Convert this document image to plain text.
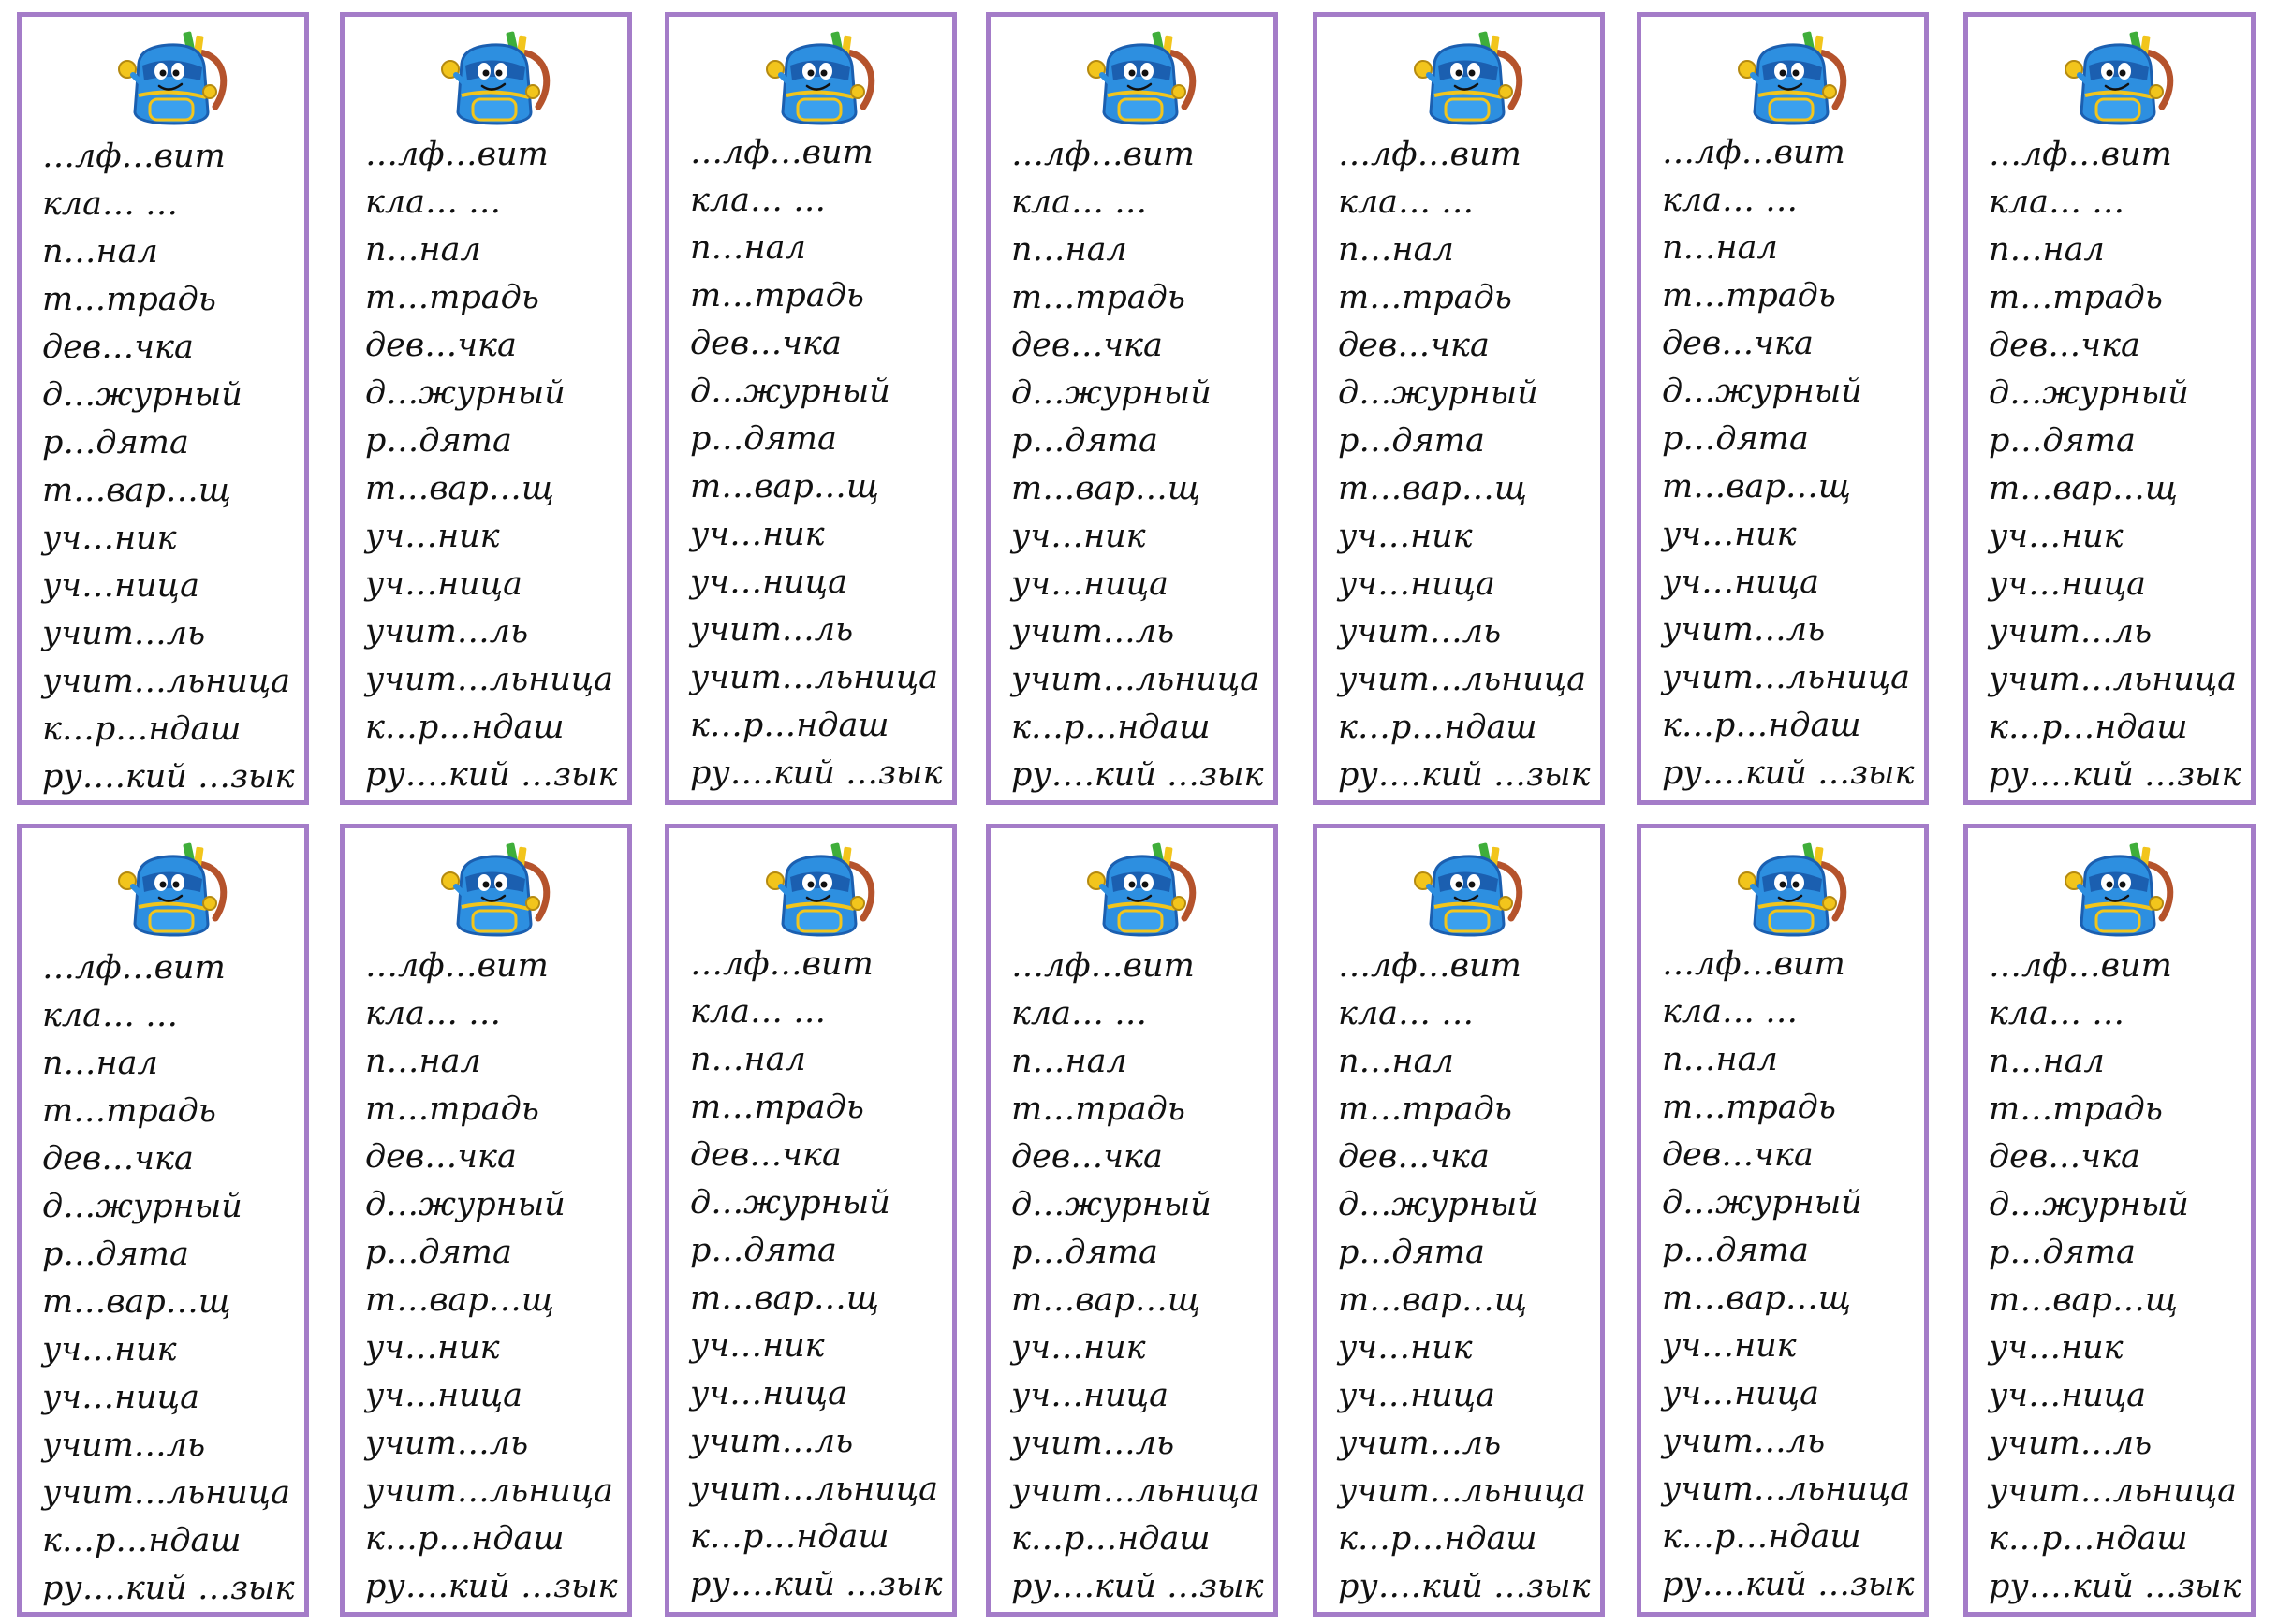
…лф…вит
кла… …
п…нал
т…традь
дев…чка
д…журный
р…дята
т…вар…щ
уч…ник
уч…ница
учит…ль
учит…льница
к…р…ндаш
ру….кий …зык
…лф…вит
кла… …
п…нал
т…традь
дев…чка
д…журный
р…дята
т…вар…щ
уч…ник
уч…ница
учит…ль
учит…льница
к…р…ндаш
ру….кий …зык
…лф…вит
кла… …
п…нал
т…традь
дев…чка
д…журный
р…дята
т…вар…щ
уч…ник
уч…ница
учит…ль
учит…льница
к…р…ндаш
ру….кий …зык
…лф…вит
кла… …
п…нал
т…традь
дев…чка
д…журный
р…дята
т…вар…щ
уч…ник
уч…ница
учит…ль
учит…льница
к…р…ндаш
ру….кий …зык
…лф…вит
кла… …
п…нал
т…традь
дев…чка
д…журный
р…дята
т…вар…щ
уч…ник
уч…ница
учит…ль
учит…льница
к…р…ндаш
ру….кий …зык
…лф…вит
кла… …
п…нал
т…традь
дев…чка
д…журный
р…дята
т…вар…щ
уч…ник
уч…ница
учит…ль
учит…льница
к…р…ндаш
ру….кий …зык
…лф…вит
кла… …
п…нал
т…традь
дев…чка
д…журный
р…дята
т…вар…щ
уч…ник
уч…ница
учит…ль
учит…льница
к…р…ндаш
ру….кий …зык
…лф…вит
кла… …
п…нал
т…традь
дев…чка
д…журный
р…дята
т…вар…щ
уч…ник
уч…ница
учит…ль
учит…льница
к…р…ндаш
ру….кий …зык
…лф…вит
кла… …
п…нал
т…традь
дев…чка
д…журный
р…дята
т…вар…щ
уч…ник
уч…ница
учит…ль
учит…льница
к…р…ндаш
ру….кий …зык
…лф…вит
кла… …
п…нал
т…традь
дев…чка
д…журный
р…дята
т…вар…щ
уч…ник
уч…ница
учит…ль
учит…льница
к…р…ндаш
ру….кий …зык
…лф…вит
кла… …
п…нал
т…традь
дев…чка
д…журный
р…дята
т…вар…щ
уч…ник
уч…ница
учит…ль
учит…льница
к…р…ндаш
ру….кий …зык
…лф…вит
кла… …
п…нал
т…традь
дев…чка
д…журный
р…дята
т…вар…щ
уч…ник
уч…ница
учит…ль
учит…льница
к…р…ндаш
ру….кий …зык
…лф…вит
кла… …
п…нал
т…традь
дев…чка
д…журный
р…дята
т…вар…щ
уч…ник
уч…ница
учит…ль
учит…льница
к…р…ндаш
ру….кий …зык
…лф…вит
кла… …
п…нал
т…традь
дев…чка
д…журный
р…дята
т…вар…щ
уч…ник
уч…ница
учит…ль
учит…льница
к…р…ндаш
ру….кий …зык
